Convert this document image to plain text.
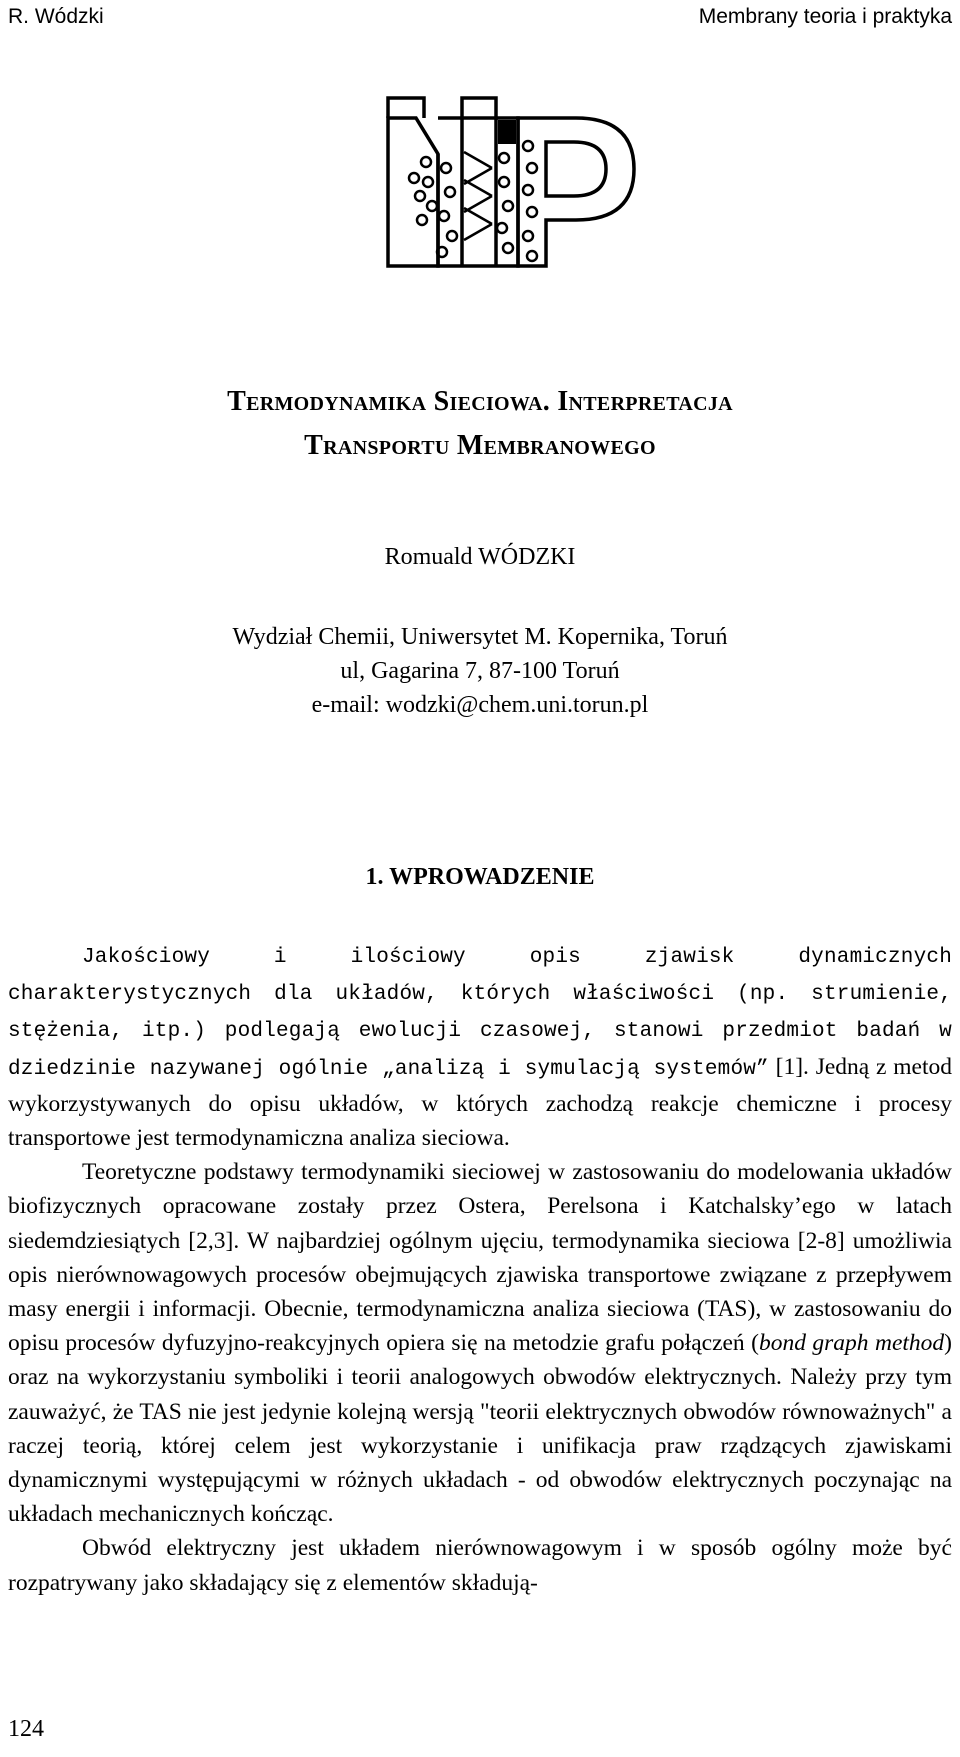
R. Wódzki	Membrany teoria i praktyka
Termodynamika Sieciowa. Interpretacja
Transportu Membranowego
Romuald WÓDZKI
Wydział Chemii, Uniwersytet M. Kopernika, Toruń
ul, Gagarina 7, 87-100 Toruń
e-mail: wodzki@chem.uni.torun.pl
1. WPROWADZENIE

Jakościowy i ilościowy opis zjawisk dynamicznych charakterystycznych dla układów, których właściwości (np. strumienie, stężenia, itp.) podlegają ewolucji czasowej, stanowi przedmiot badań w dziedzinie nazywanej ogólnie „analizą i symulacją systemów” [1]. Jedną z metod wykorzystywanych do opisu układów, w których zachodzą reakcje chemiczne i procesy transportowe jest termodynamiczna analiza sieciowa.

Teoretyczne podstawy termodynamiki sieciowej w zastosowaniu do modelowania układów biofizycznych opracowane zostały przez Ostera, Perelsona i Katchalsky’ego w latach siedemdziesiątych [2,3]. W najbardziej ogólnym ujęciu, termodynamika sieciowa [2-8] umożliwia opis nierównowagowych procesów obejmujących zjawiska transportowe związane z przepływem masy energii i informacji. Obecnie, termodynamiczna analiza sieciowa (TAS), w zastosowaniu do opisu procesów dyfuzyjno-reakcyjnych opiera się na metodzie grafu połączeń (bond graph method) oraz na wykorzystaniu symboliki i teorii analogowych obwodów elektrycznych. Należy przy tym zauważyć, że TAS nie jest jedynie kolejną wersją "teorii elektrycznych obwodów równoważnych" a raczej teorią, której celem jest wykorzystanie i unifikacja praw rządzących zjawiskami dynamicznymi występującymi w różnych układach - od obwodów elektrycznych poczynając na układach mechanicznych kończąc.

Obwód elektryczny jest układem nierównowagowym i w sposób ogólny może być rozpatrywany jako składający się z elementów składują-

124
